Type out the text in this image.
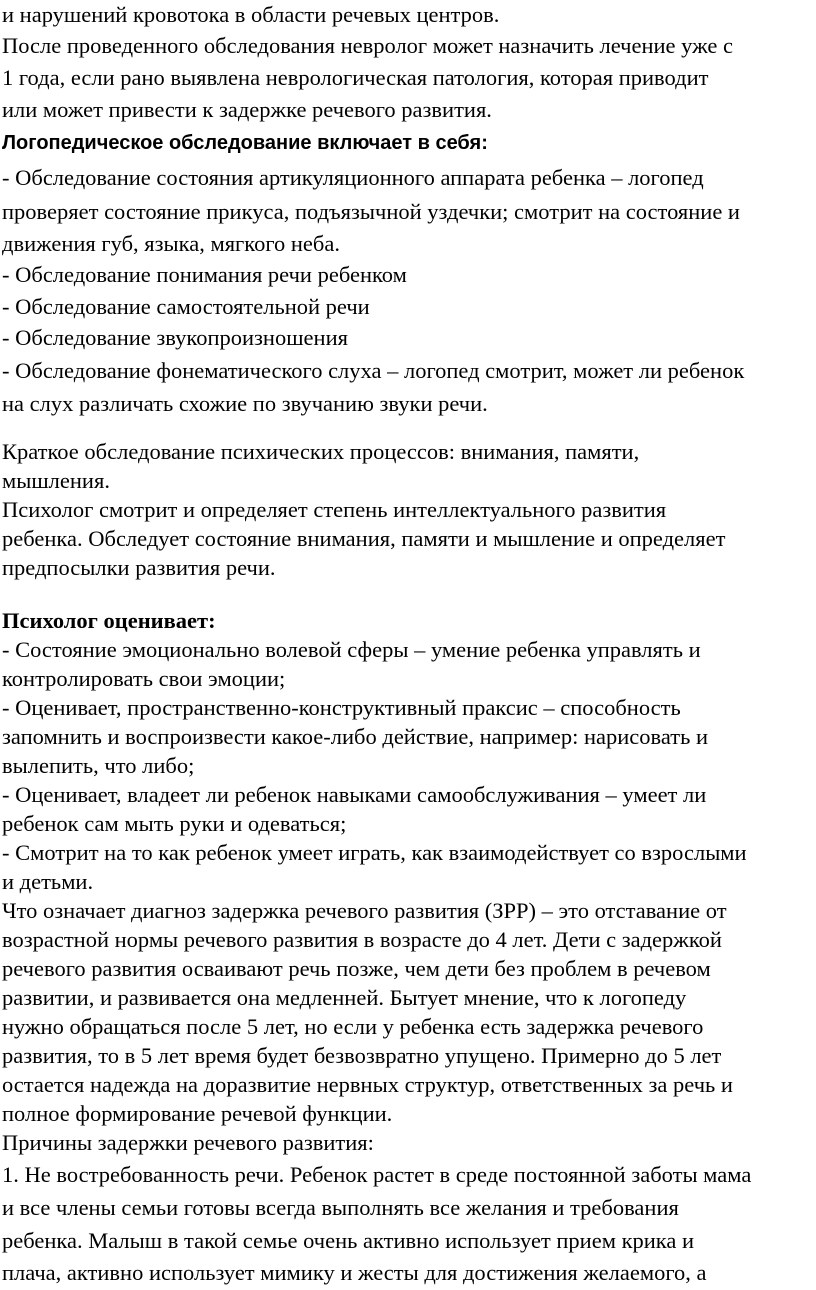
и нарушений кровотока в области речевых центров.
После проведенного обследования невролог может назначить лечение уже с
1 года, если рано выявлена неврологическая патология, которая приводит
или может привести к задержке речевого развития.
Логопедическое обследование включает в себя:
- Обследование состояния артикуляционного аппарата ребенка – логопед
проверяет состояние прикуса, подъязычной уздечки; смотрит на состояние и
движения губ, языка, мягкого неба.
- Обследование понимания речи ребенком
- Обследование самостоятельной речи
- Обследование звукопроизношения
- Обследование фонематического слуха – логопед смотрит, может ли ребенок
на слух различать схожие по звучанию звуки речи.
Краткое обследование психических процессов: внимания, памяти,
мышления.
Психолог смотрит и определяет степень интеллектуального развития
ребенка. Обследует состояние внимания, памяти и мышление и определяет
предпосылки развития речи.
Психолог оценивает:
- Состояние эмоционально волевой сферы – умение ребенка управлять и
контролировать свои эмоции;
- Оценивает, пространственно-конструктивный праксис – способность
запомнить и воспроизвести какое-либо действие, например: нарисовать и
вылепить, что либо;
- Оценивает, владеет ли ребенок навыками самообслуживания – умеет ли
ребенок сам мыть руки и одеваться;
- Смотрит на то как ребенок умеет играть, как взаимодействует со взрослыми
и детьми.
Что означает диагноз задержка речевого развития (ЗРР) – это отставание от
возрастной нормы речевого развития в возрасте до 4 лет. Дети с задержкой
речевого развития осваивают речь позже, чем дети без проблем в речевом
развитии, и развивается она медленней. Бытует мнение, что к логопеду
нужно обращаться после 5 лет, но если у ребенка есть задержка речевого
развития, то в 5 лет время будет безвозвратно упущено. Примерно до 5 лет
остается надежда на доразвитие нервных структур, ответственных за речь и
полное формирование речевой функции.
Причины задержки речевого развития:
1. Не востребованность речи. Ребенок растет в среде постоянной заботы мама
и все члены семьи готовы всегда выполнять все желания и требования
ребенка. Малыш в такой семье очень активно использует прием крика и
плача, активно использует мимику и жесты для достижения желаемого, а
